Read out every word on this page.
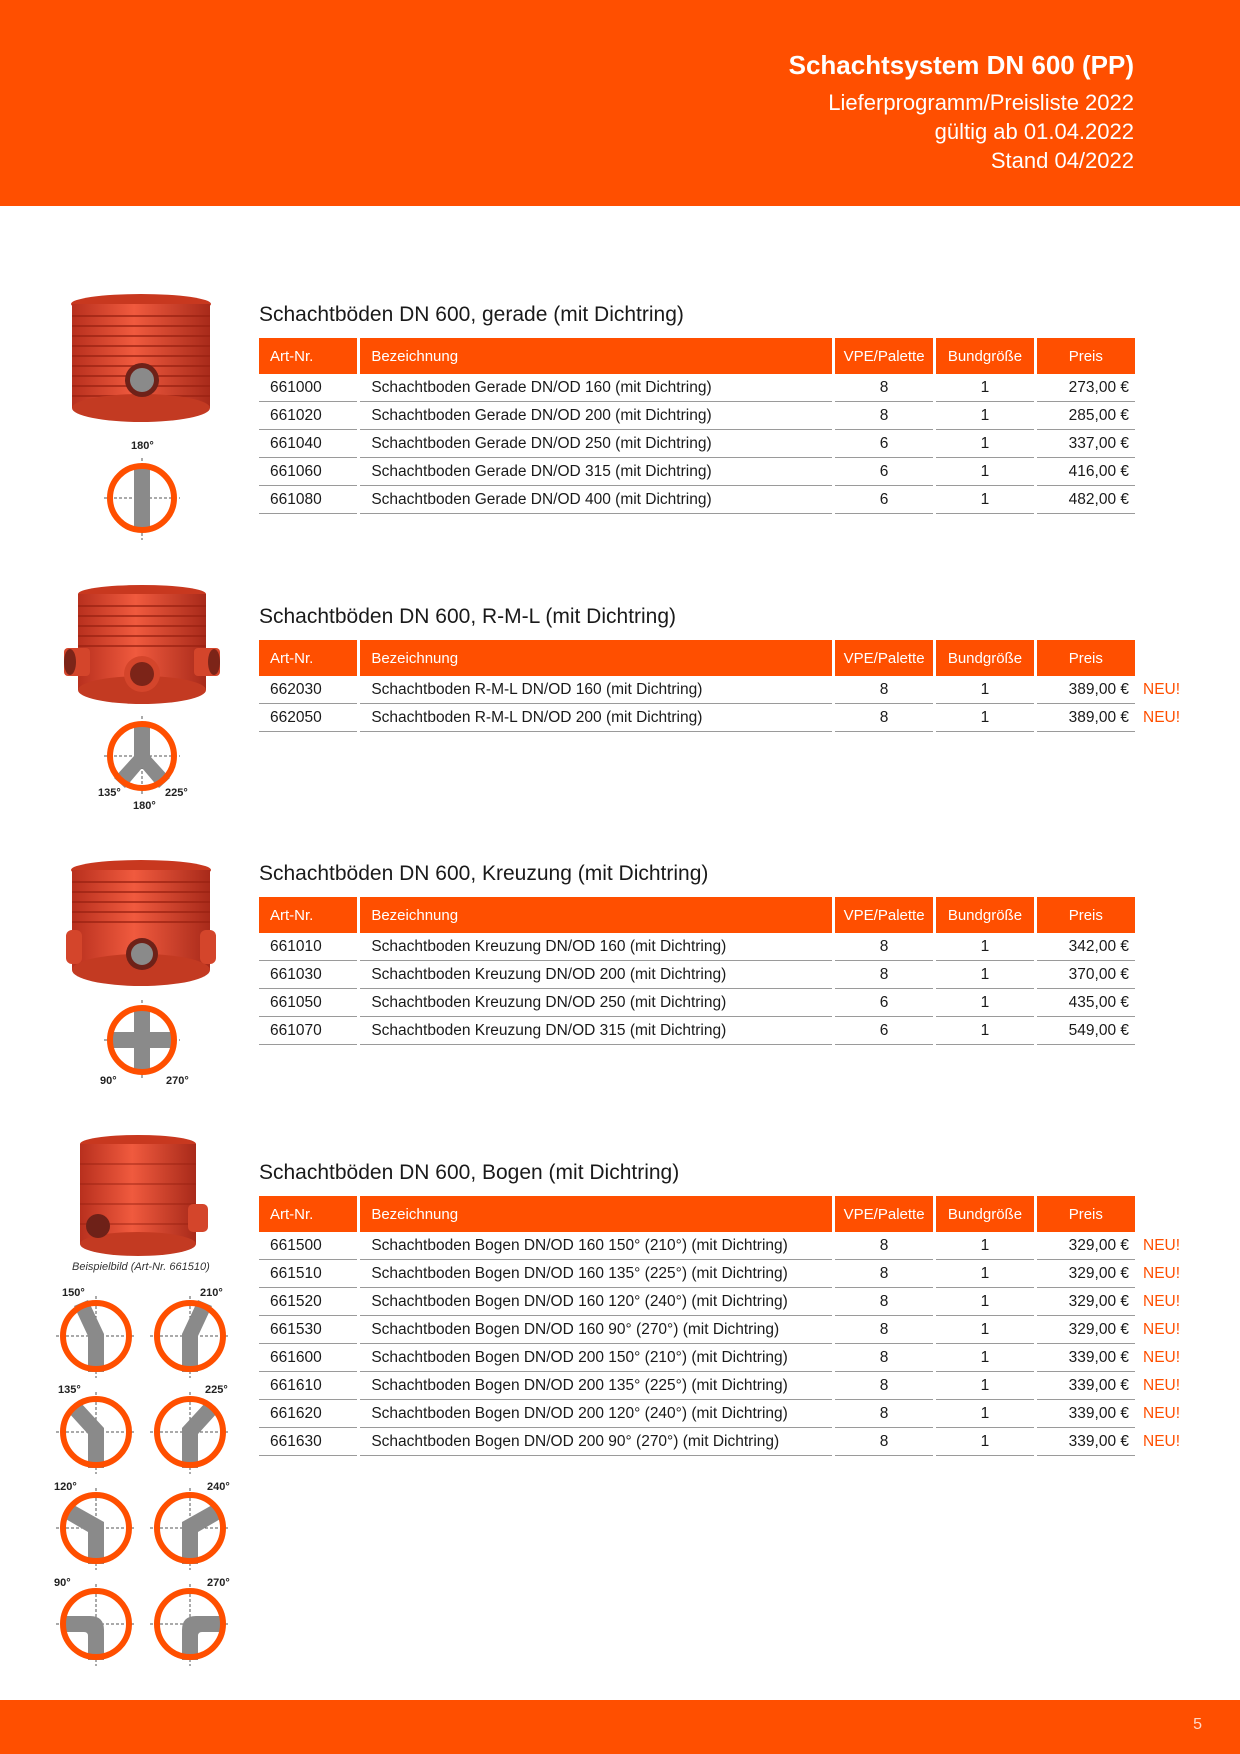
Schachtsystem DN 600 (PP)
Lieferprogramm/Preisliste 2022
gültig ab 01.04.2022
Stand 04/2022
Schachtböden DN 600, gerade (mit Dichtring)
Art-Nr.	Bezeichnung	VPE/Palette	Bundgröße	Preis
661000	Schachtboden Gerade DN/OD 160 (mit Dichtring)	8	1	273,00 €
661020	Schachtboden Gerade DN/OD 200 (mit Dichtring)	8	1	285,00 €
661040	Schachtboden Gerade DN/OD 250 (mit Dichtring)	6	1	337,00 €
661060	Schachtboden Gerade DN/OD 315 (mit Dichtring)	6	1	416,00 €
661080	Schachtboden Gerade DN/OD 400 (mit Dichtring)	6	1	482,00 €
Schachtböden DN 600, R-M-L (mit Dichtring)
Art-Nr.	Bezeichnung	VPE/Palette	Bundgröße	Preis
662030	Schachtboden R-M-L DN/OD 160 (mit Dichtring)	8	1	389,00 € NEU!

662050	Schachtboden R-M-L DN/OD 200 (mit Dichtring)	8	1	389,00 € NEU!
Schachtböden DN 600, Kreuzung (mit Dichtring)
Art-Nr.	Bezeichnung	VPE/Palette	Bundgröße	Preis
661010	Schachtboden Kreuzung DN/OD 160 (mit Dichtring)	8	1	342,00 €
661030	Schachtboden Kreuzung DN/OD 200 (mit Dichtring)	8	1	370,00 €
661050	Schachtboden Kreuzung DN/OD 250 (mit Dichtring)	6	1	435,00 €
661070	Schachtboden Kreuzung DN/OD 315 (mit Dichtring)	6	1	549,00 €
Schachtböden DN 600, Bogen (mit Dichtring)
Art-Nr.	Bezeichnung	VPE/Palette	Bundgröße	Preis
661500	Schachtboden Bogen DN/OD 160 150° (210°) (mit Dichtring)	8	1	329,00 € NEU!

661510	Schachtboden Bogen DN/OD 160 135° (225°) (mit Dichtring)	8	1	329,00 € NEU!

661520	Schachtboden Bogen DN/OD 160 120° (240°) (mit Dichtring)	8	1	329,00 € NEU!

661530	Schachtboden Bogen DN/OD 160 90° (270°) (mit Dichtring)	8	1	329,00 € NEU!

661600	Schachtboden Bogen DN/OD 200 150° (210°) (mit Dichtring)	8	1	339,00 € NEU!

661610	Schachtboden Bogen DN/OD 200 135° (225°) (mit Dichtring)	8	1	339,00 € NEU!

661620	Schachtboden Bogen DN/OD 200 120° (240°) (mit Dichtring)	8	1	339,00 € NEU!

661630	Schachtboden Bogen DN/OD 200 90° (270°) (mit Dichtring)	8	1	339,00 € NEU!
Beispielbild (Art-Nr. 661510)
180°
135°	225°
180°
90°	270°
150°	210°
135°	225°
120°	240°
90°	270°
5
